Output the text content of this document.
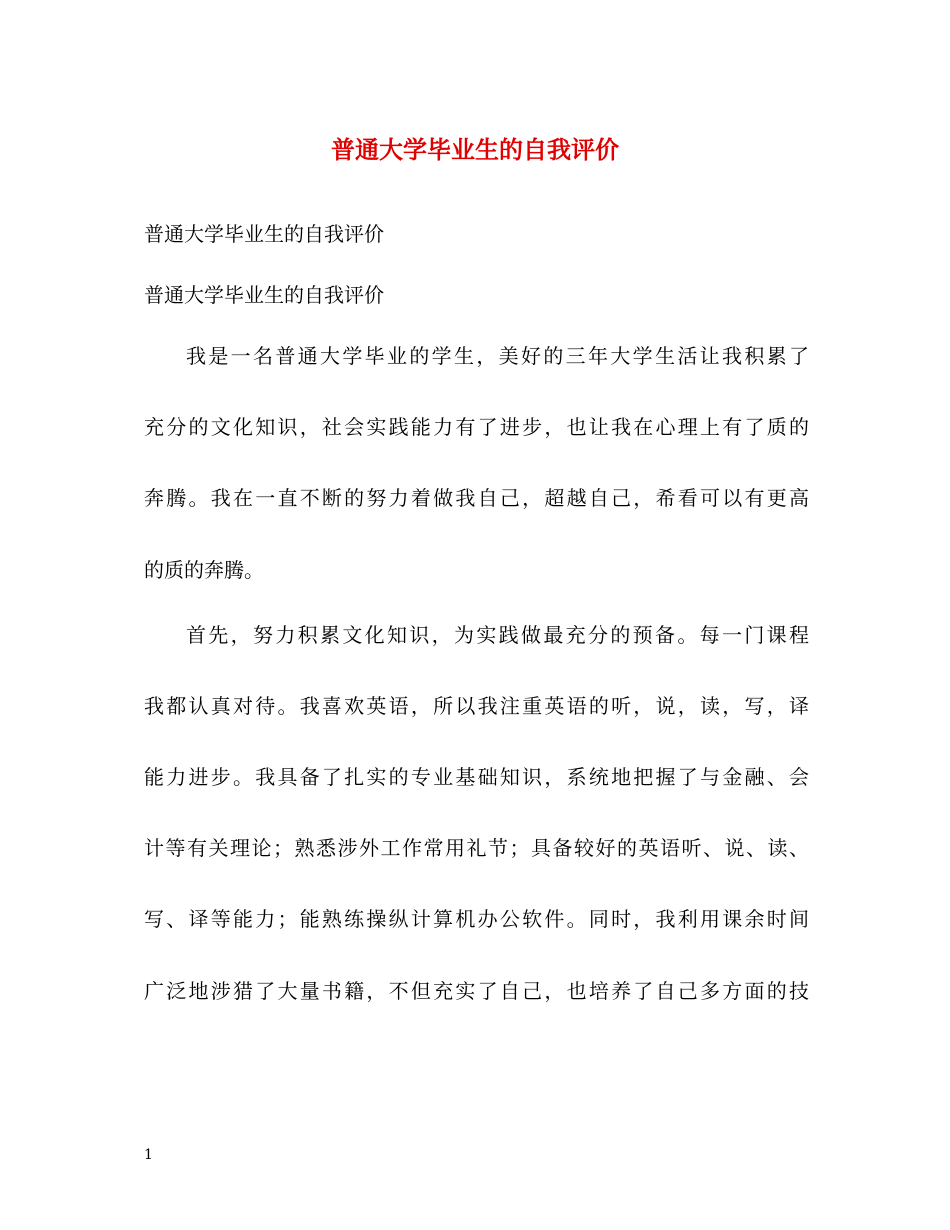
普通大学毕业生的自我评价

普通大学毕业生的自我评价

普通大学毕业生的自我评价

我是一名普通大学毕业的学生，美好的三年大学生活让我积累了

充分的文化知识，社会实践能力有了进步，也让我在心理上有了质的

奔腾。我在一直不断的努力着做我自己，超越自己，希看可以有更高

的质的奔腾。

首先，努力积累文化知识，为实践做最充分的预备。每一门课程

我都认真对待。我喜欢英语，所以我注重英语的听，说，读，写，译

能力进步。我具备了扎实的专业基础知识，系统地把握了与金融、会

计等有关理论；熟悉涉外工作常用礼节；具备较好的英语听、说、读、

写、译等能力；能熟练操纵计算机办公软件。同时，我利用课余时间

广泛地涉猎了大量书籍，不但充实了自己，也培养了自己多方面的技

1
